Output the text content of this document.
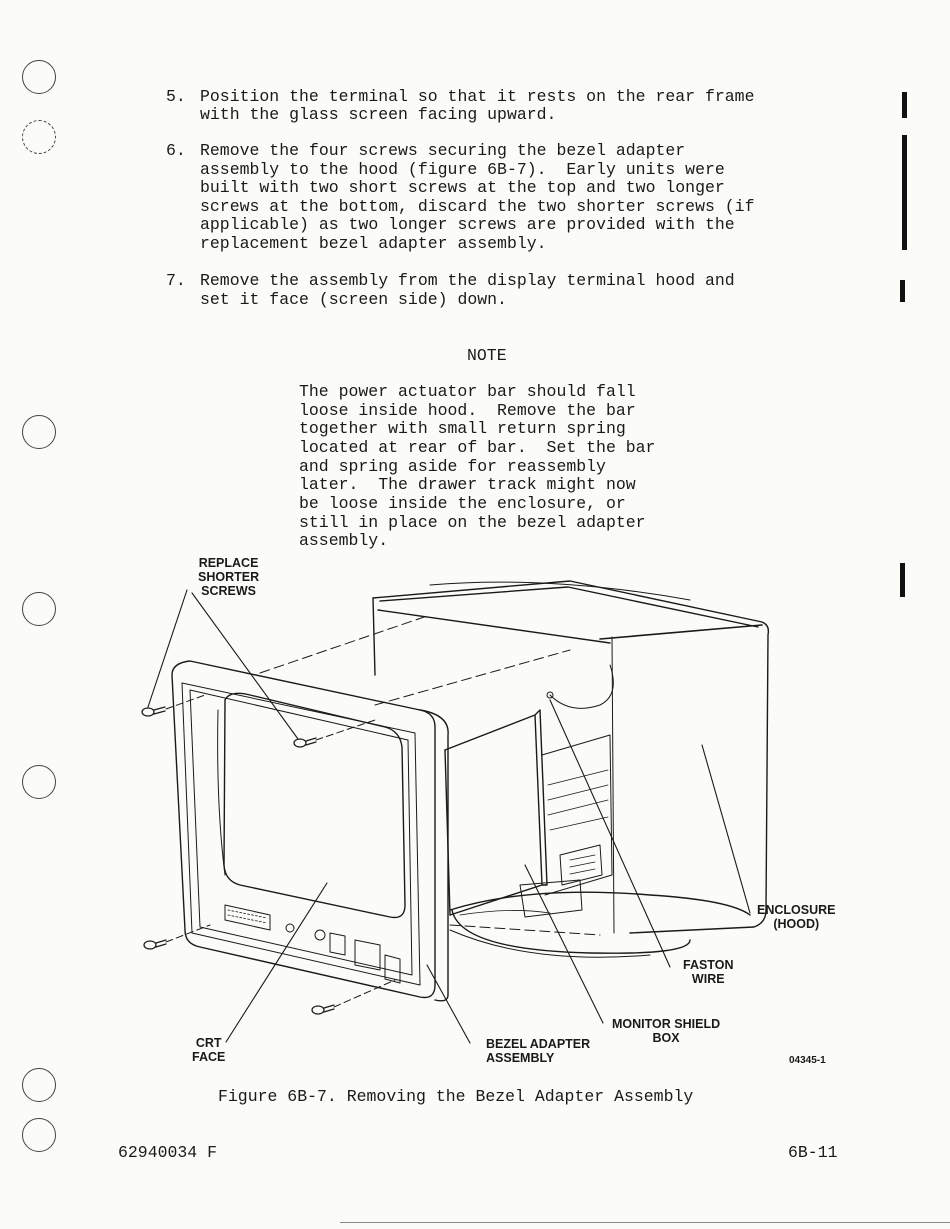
5. Position the terminal so that it rests on the rear frame
with the glass screen facing upward.
6. Remove the four screws securing the bezel adapter
assembly to the hood (figure 6B-7).  Early units were
built with two short screws at the top and two longer
screws at the bottom, discard the two shorter screws (if
applicable) as two longer screws are provided with the
replacement bezel adapter assembly.
7. Remove the assembly from the display terminal hood and
set it face (screen side) down.
NOTE
The power actuator bar should fall
loose inside hood.  Remove the bar
together with small return spring
located at rear of bar.  Set the bar
and spring aside for reassembly
later.  The drawer track might now
be loose inside the enclosure, or
still in place on the bezel adapter
assembly.
REPLACE
SHORTER
SCREWS
ENCLOSURE
(HOOD)
FASTON
WIRE
MONITOR SHIELD
BOX
BEZEL ADAPTER
ASSEMBLY
CRT
FACE	04345-1
Figure 6B-7. Removing the Bezel Adapter Assembly
62940034 F	6B-11
